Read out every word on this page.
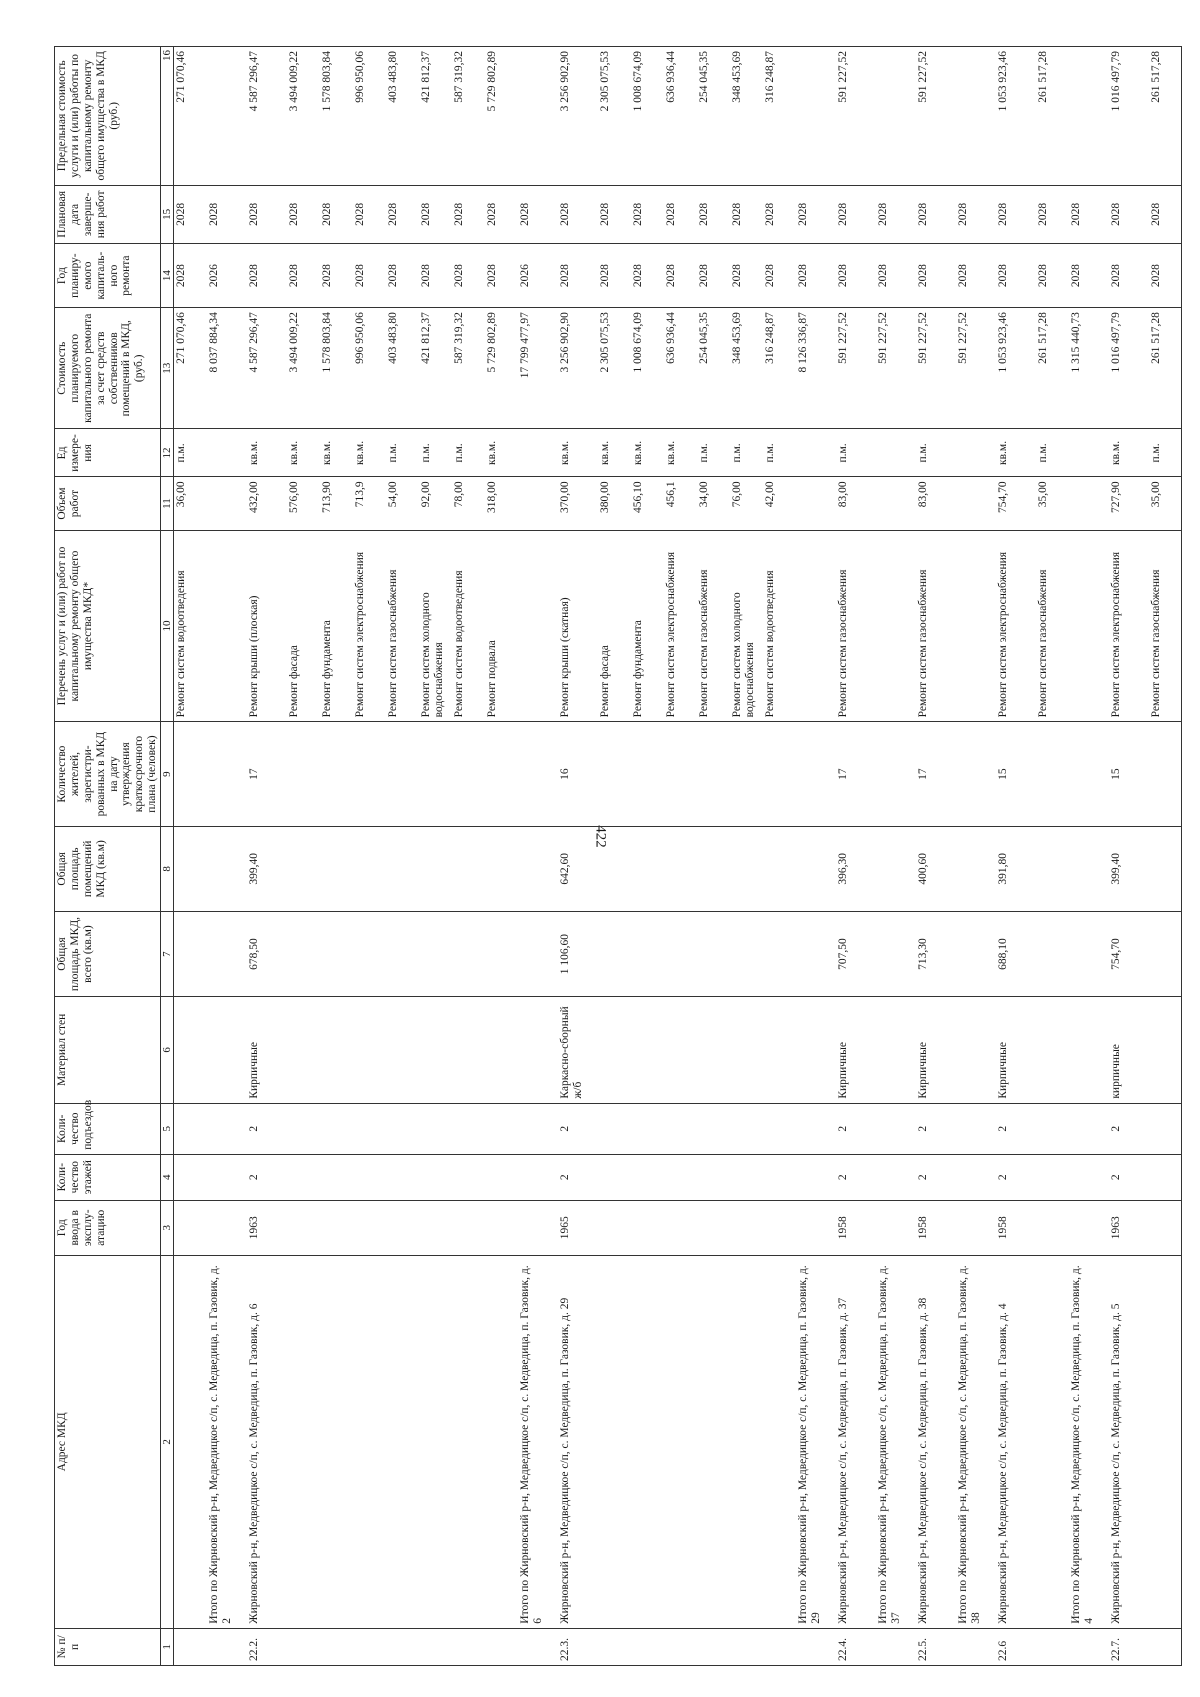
422
№ п/п	Адрес МКД	Год ввода в эксплу-атацию	Коли-чество этажей	Коли-чество подъездов	Материал стен	Общая площадь МКД, всего (кв.м)	Общая площадь помещений МКД (кв.м)	Количество жителей, зарегистри-рованных в МКД на дату утверждения краткосрочного плана (человек)	Перечень услуг и (или) работ по капитальному ремонту общего имущества МКД*	Объем работ	Ед измере-ния	Стоимость планируемого капитального ремонта за счет средств собственников помещений в МКД, (руб.)	Год планиру-емого капиталь-ного ремонта	Плановая дата заверше-ния работ	Предельная стоимость услуги и (или) работы по капитальному ремонту общего имущества в МКД (руб.)
1	2	3	4	5	6	7	8	9	10	11	12	13	14	15	16
									Ремонт систем водоотведения	36,00	п.м.	271 070,46	2028	2028	271 070,46
	Итого по Жирновский р-н, Медведицкое с/п, с. Медведица, п. Газовик, д. 2											8 037 884,34	2026	2028	
22.2.	Жирновский р-н, Медведицкое с/п, с. Медведица, п. Газовик, д. 6	1963	2	2	Кирпичные	678,50	399,40	17	Ремонт крыши (плоская)	432,00	кв.м.	4 587 296,47	2028	2028	4 587 296,47
									Ремонт фасада	576,00	кв.м.	3 494 009,22	2028	2028	3 494 009,22
									Ремонт фундамента	713,90	кв.м.	1 578 803,84	2028	2028	1 578 803,84
									Ремонт систем электроснабжения	713,9	кв.м.	996 950,06	2028	2028	996 950,06
									Ремонт систем газоснабжения	54,00	п.м.	403 483,80	2028	2028	403 483,80
									Ремонт систем холодного водоснабжения	92,00	п.м.	421 812,37	2028	2028	421 812,37
									Ремонт систем водоотведения	78,00	п.м.	587 319,32	2028	2028	587 319,32
									Ремонт подвала	318,00	кв.м.	5 729 802,89	2028	2028	5 729 802,89
	Итого по Жирновский р-н, Медведицкое с/п, с. Медведица, п. Газовик, д. 6											17 799 477,97	2026	2028	
22.3.	Жирновский р-н, Медведицкое с/п, с. Медведица, п. Газовик, д. 29	1965	2	2	Каркасно-сборный ж/б	1 106,60	642,60	16	Ремонт крыши (скатная)	370,00	кв.м.	3 256 902,90	2028	2028	3 256 902,90
									Ремонт фасада	380,00	кв.м.	2 305 075,53	2028	2028	2 305 075,53
									Ремонт фундамента	456,10	кв.м.	1 008 674,09	2028	2028	1 008 674,09
									Ремонт систем электроснабжения	456,1	кв.м.	636 936,44	2028	2028	636 936,44
									Ремонт систем газоснабжения	34,00	п.м.	254 045,35	2028	2028	254 045,35
									Ремонт систем холодного водоснабжения	76,00	п.м.	348 453,69	2028	2028	348 453,69
									Ремонт систем водоотведения	42,00	п.м.	316 248,87	2028	2028	316 248,87
	Итого по Жирновский р-н, Медведицкое с/п, с. Медведица, п. Газовик, д. 29											8 126 336,87	2028	2028	
22.4.	Жирновский р-н, Медведицкое с/п, с. Медведица, п. Газовик, д. 37	1958	2	2	Кирпичные	707,50	396,30	17	Ремонт систем газоснабжения	83,00	п.м.	591 227,52	2028	2028	591 227,52
	Итого по Жирновский р-н, Медведицкое с/п, с. Медведица, п. Газовик, д. 37											591 227,52	2028	2028	
22.5.	Жирновский р-н, Медведицкое с/п, с. Медведица, п. Газовик, д. 38	1958	2	2	Кирпичные	713,30	400,60	17	Ремонт систем газоснабжения	83,00	п.м.	591 227,52	2028	2028	591 227,52
	Итого по Жирновский р-н, Медведицкое с/п, с. Медведица, п. Газовик, д. 38											591 227,52	2028	2028	
22.6	Жирновский р-н, Медведицкое с/п, с. Медведица, п. Газовик, д. 4	1958	2	2	Кирпичные	688,10	391,80	15	Ремонт систем электроснабжения	754,70	кв.м.	1 053 923,46	2028	2028	1 053 923,46
									Ремонт систем газоснабжения	35,00	п.м.	261 517,28	2028	2028	261 517,28
	Итого по Жирновский р-н, Медведицкое с/п, с. Медведица, п. Газовик, д. 4											1 315 440,73	2028	2028	
22.7.	Жирновский р-н, Медведицкое с/п, с. Медведица, п. Газовик, д. 5	1963	2	2	кирпичные	754,70	399,40	15	Ремонт систем электроснабжения	727,90	кв.м.	1 016 497,79	2028	2028	1 016 497,79
									Ремонт систем газоснабжения	35,00	п.м.	261 517,28	2028	2028	261 517,28
